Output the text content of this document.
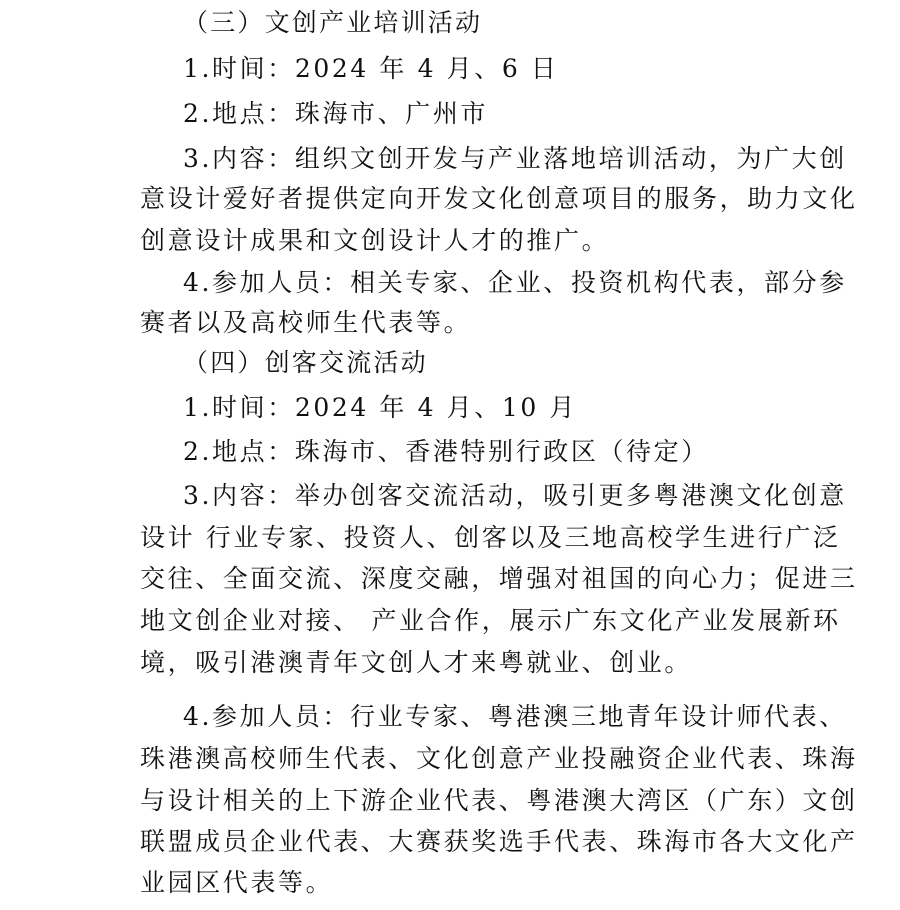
（三）文创产业培训活动
1.时间：2024 年 4 月、6 日
2.地点：珠海市、广州市
3.内容：组织文创开发与产业落地培训活动，为广大创
意设计爱好者提供定向开发文化创意项目的服务，助力文化
创意设计成果和文创设计人才的推广。
4.参加人员：相关专家、企业、投资机构代表，部分参
赛者以及高校师生代表等。
（四）创客交流活动
1.时间：2024 年 4 月、10 月
2.地点：珠海市、香港特别行政区（待定）
3.内容：举办创客交流活动，吸引更多粤港澳文化创意
设计 行业专家、投资人、创客以及三地高校学生进行广泛
交往、全面交流、深度交融，增强对祖国的向心力；促进三
地文创企业对接、 产业合作，展示广东文化产业发展新环
境，吸引港澳青年文创人才来粤就业、创业。
4.参加人员：行业专家、粤港澳三地青年设计师代表、
珠港澳高校师生代表、文化创意产业投融资企业代表、珠海
与设计相关的上下游企业代表、粤港澳大湾区（广东）文创
联盟成员企业代表、大赛获奖选手代表、珠海市各大文化产
业园区代表等。
